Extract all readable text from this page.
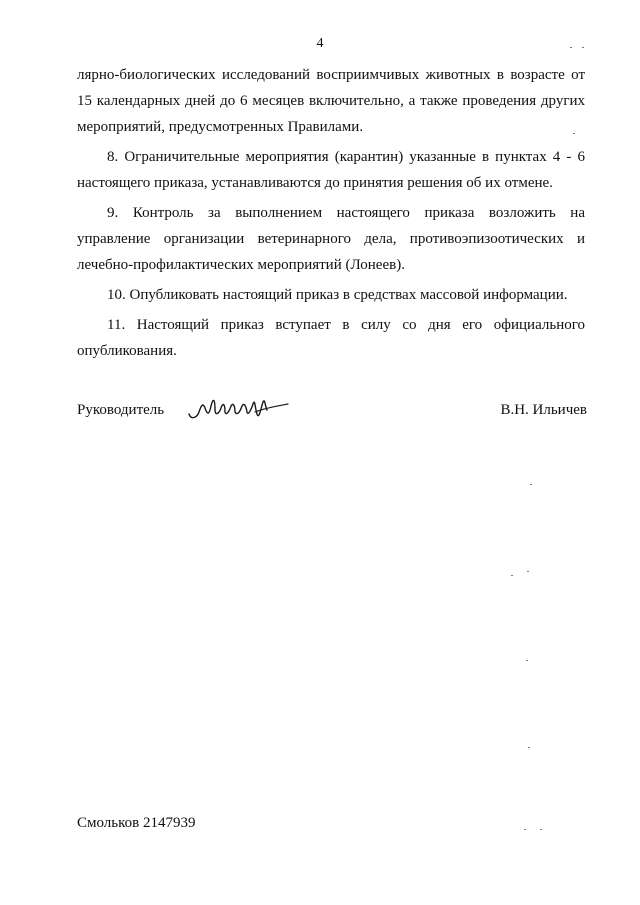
4

лярно-биологических исследований восприимчивых животных в возрасте от 15 календарных дней до 6 месяцев включительно, а также проведения других мероприятий, предусмотренных Правилами.

8. Ограничительные мероприятия (карантин) указанные в пунктах 4 - 6 настоящего приказа, устанавливаются до принятия решения об их отмене.

9. Контроль за выполнением настоящего приказа возложить на управление организации ветеринарного дела, противоэпизоотических и лечебно-профилактических мероприятий (Лонеев).

10. Опубликовать настоящий приказ в средствах массовой информации.

11. Настоящий приказ вступает в силу со дня его официального опубликования.

Руководитель	В.Н. Ильичев
Смольков 2147939
